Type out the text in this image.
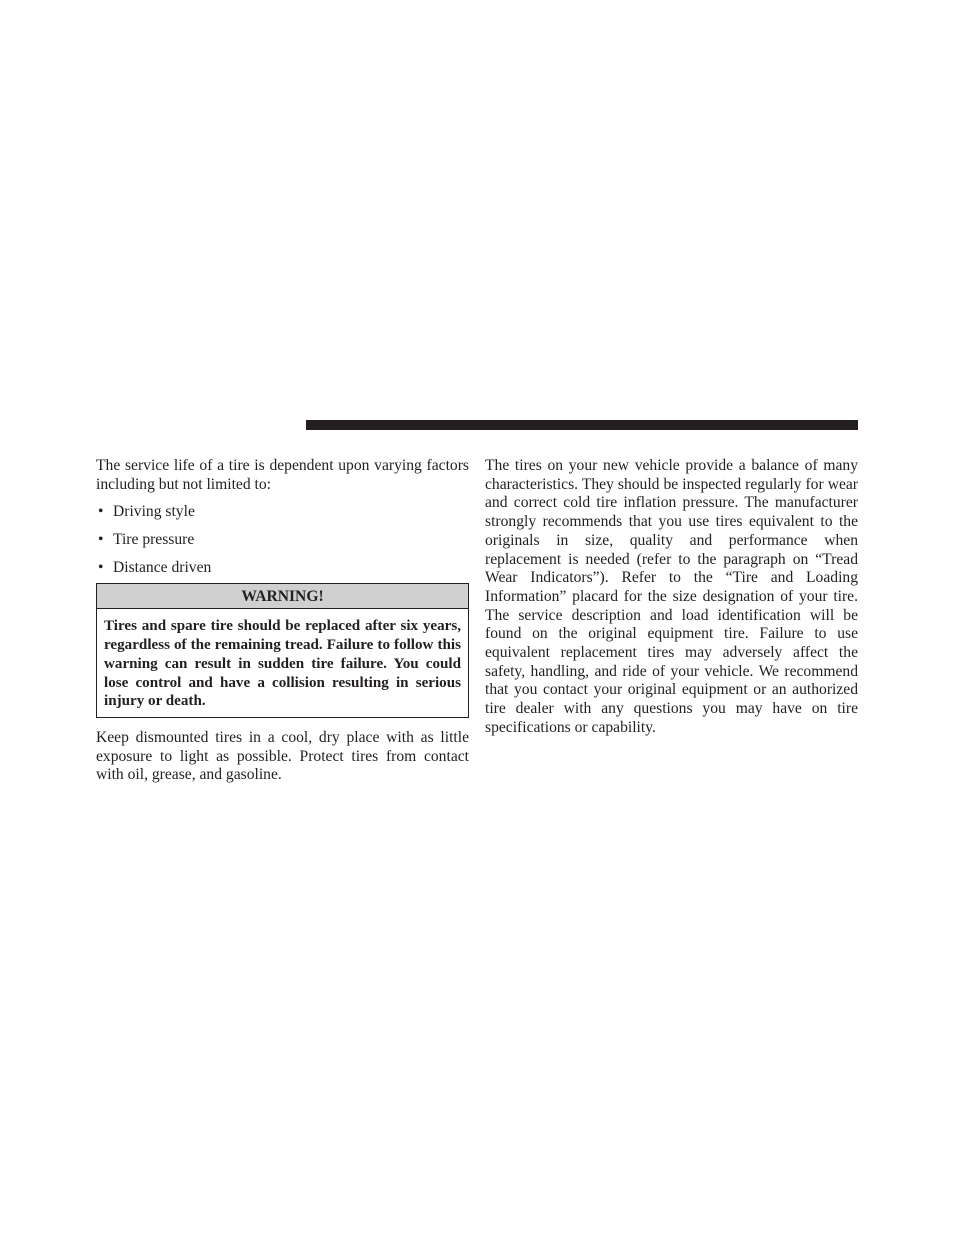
The service life of a tire is dependent upon varying factors including but not limited to:

• Driving style
• Tire pressure
• Distance driven
WARNING!
Tires and spare tire should be replaced after six years, regardless of the remaining tread. Failure to follow this warning can result in sudden tire failure. You could lose control and have a collision resulting in serious injury or death.

Keep dismounted tires in a cool, dry place with as little exposure to light as possible. Protect tires from contact with oil, grease, and gasoline.

The tires on your new vehicle provide a balance of many characteristics. They should be inspected regularly for wear and correct cold tire inflation pressure. The manufacturer strongly recommends that you use tires equivalent to the originals in size, quality and performance when replacement is needed (refer to the paragraph on “Tread Wear Indicators”). Refer to the “Tire and Loading Information” placard for the size designation of your tire. The service description and load identification will be found on the original equipment tire. Failure to use equivalent replacement tires may adversely affect the safety, handling, and ride of your vehicle. We recommend that you contact your original equipment or an authorized tire dealer with any questions you may have on tire specifications or capability.
